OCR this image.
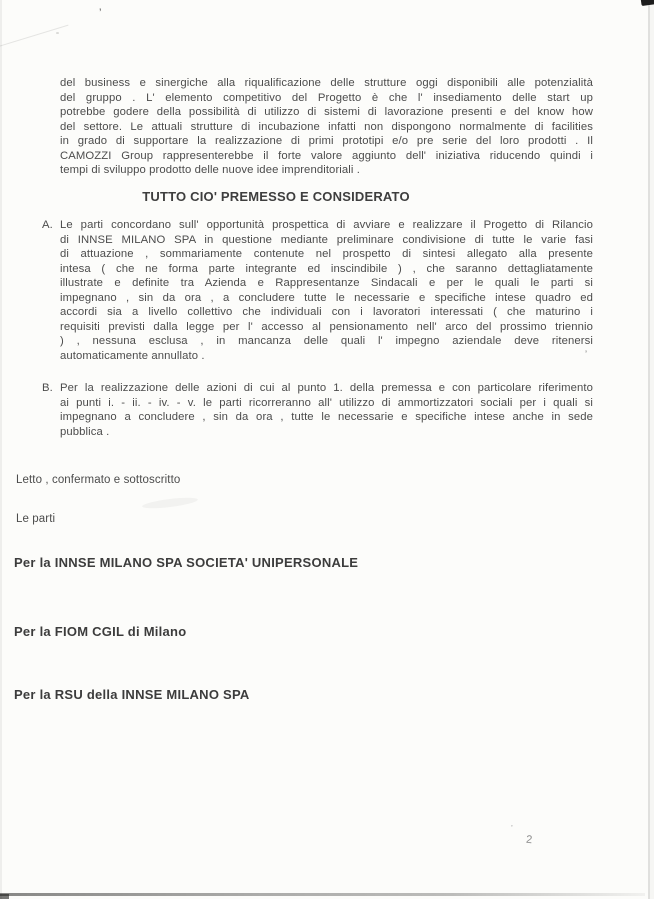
’
’
del business e sinergiche alla riqualificazione delle strutture oggi disponibili alle potenzialità
del gruppo . L' elemento competitivo del Progetto è che l' insediamento delle start up
potrebbe godere della possibilità di utilizzo di sistemi di lavorazione presenti e del know how
del settore. Le attuali strutture di incubazione infatti non dispongono normalmente di facilities
in grado di supportare la realizzazione di primi prototipi e/o pre serie del loro prodotti . Il
CAMOZZI Group rappresenterebbe il forte valore aggiunto dell' iniziativa riducendo quindi i
tempi di sviluppo prodotto delle nuove idee imprenditoriali .
TUTTO CIO' PREMESSO E CONSIDERATO
A. Le parti concordano sull' opportunità prospettica di avviare e realizzare il Progetto di Rilancio
di INNSE MILANO SPA in questione mediante preliminare condivisione di tutte le varie fasi
di attuazione , sommariamente contenute nel prospetto di sintesi allegato alla presente
intesa ( che ne forma parte integrante ed inscindibile ) , che saranno dettagliatamente
illustrate e definite tra Azienda e Rappresentanze Sindacali e per le quali le parti si
impegnano , sin da ora , a concludere tutte le necessarie e specifiche intese quadro ed
accordi sia a livello collettivo che individuali con i lavoratori interessati ( che maturino i
requisiti previsti dalla legge per l' accesso al pensionamento nell' arco del prossimo triennio
) , nessuna esclusa , in mancanza delle quali l' impegno aziendale deve ritenersi
automaticamente annullato .
B. Per la realizzazione delle azioni di cui al punto 1. della premessa e con particolare riferimento
ai punti i. - ii. - iv. - v. le parti ricorreranno all' utilizzo di ammortizzatori sociali per i quali si
impegnano a concludere , sin da ora , tutte le necessarie e specifiche intese anche in sede
pubblica .
Letto , confermato e sottoscritto
Le parti
Per la INNSE MILANO SPA SOCIETA' UNIPERSONALE
Per la FIOM CGIL di Milano
Per la RSU della INNSE MILANO SPA
’
2
